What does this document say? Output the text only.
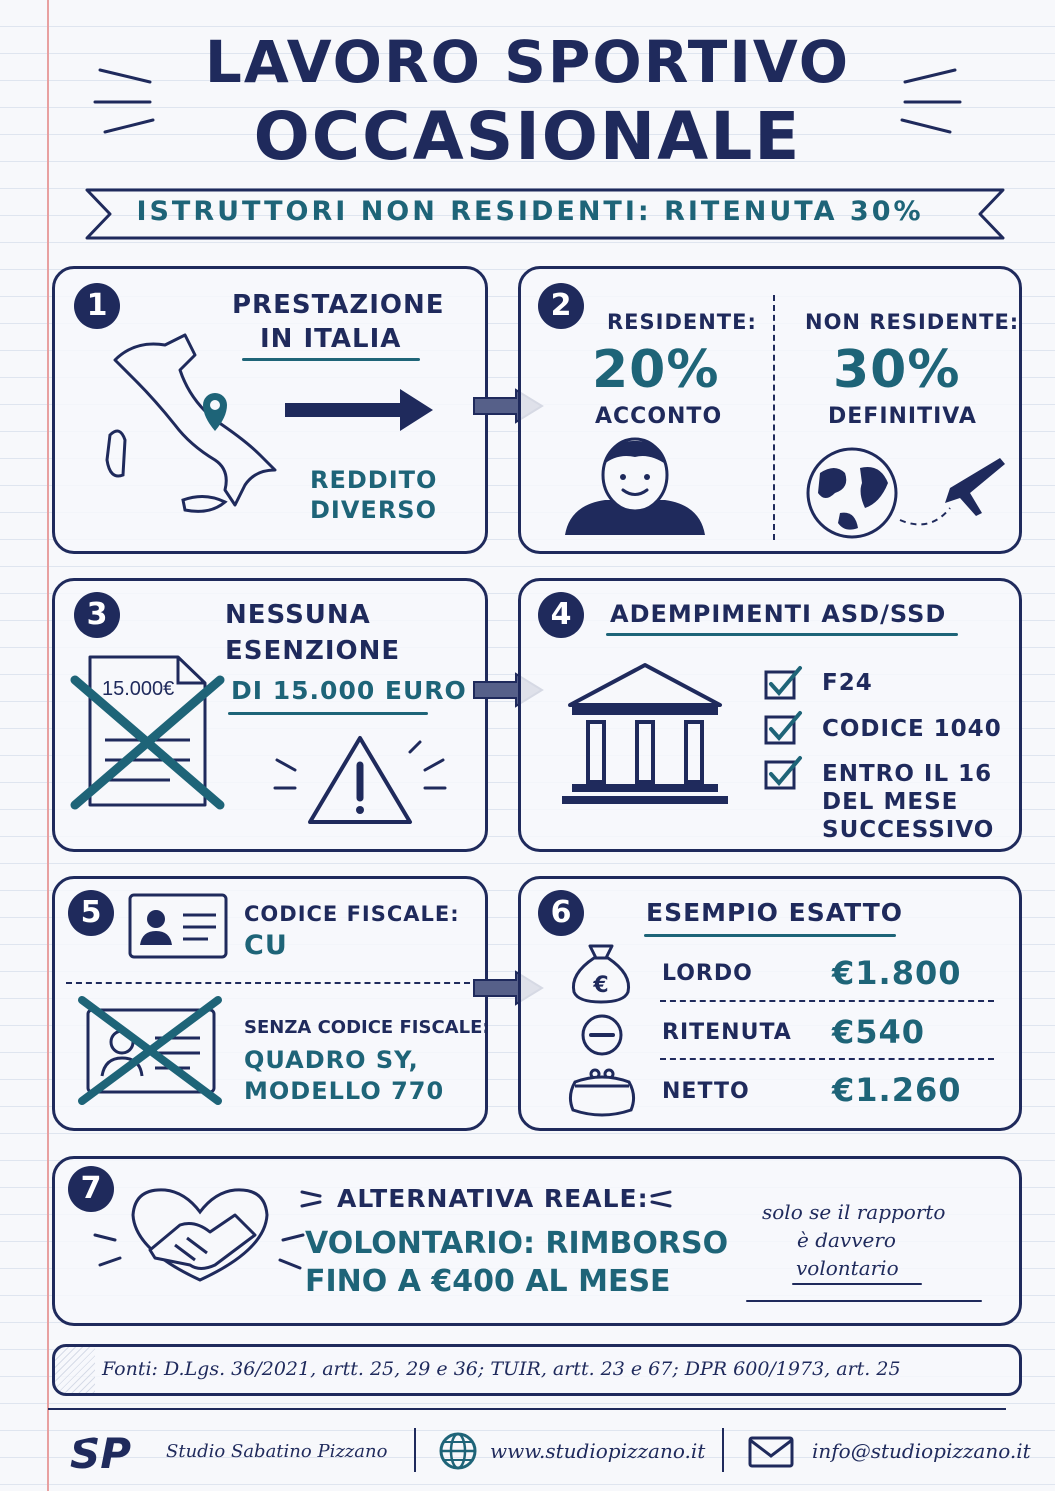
LAVORO SPORTIVO
OCCASIONALE
ISTRUTTORI NON RESIDENTI: RITENUTA 30%
1	PRESTAZIONE
IN ITALIA
REDDITO
DIVERSO
2	RESIDENTE:
20%
ACCONTO
NON RESIDENTE:
30%
DEFINITIVA
3	NESSUNA
ESENZIONE
DI 15.000 EURO
15.000€
4	ADEMPIMENTI ASD/SSD
F24
CODICE 1040
ENTRO IL 16
DEL MESE
SUCCESSIVO
5	CODICE FISCALE:
CU
SENZA CODICE FISCALE:
QUADRO SY,
MODELLO 770
6	ESEMPIO ESATTO
€ LORDO €1.800
RITENUTA €540
NETTO	€1.260
7	ALTERNATIVA REALE:
VOLONTARIO: RIMBORSO
FINO A €400 AL MESE
solo se il rapporto
è davvero
volontario
Fonti: D.Lgs. 36/2021, artt. 25, 29 e 36; TUIR, artt. 23 e 67; DPR 600/1973, art. 25
SP Studio Sabatino Pizzano	www.studiopizzano.it	info@studiopizzano.it
